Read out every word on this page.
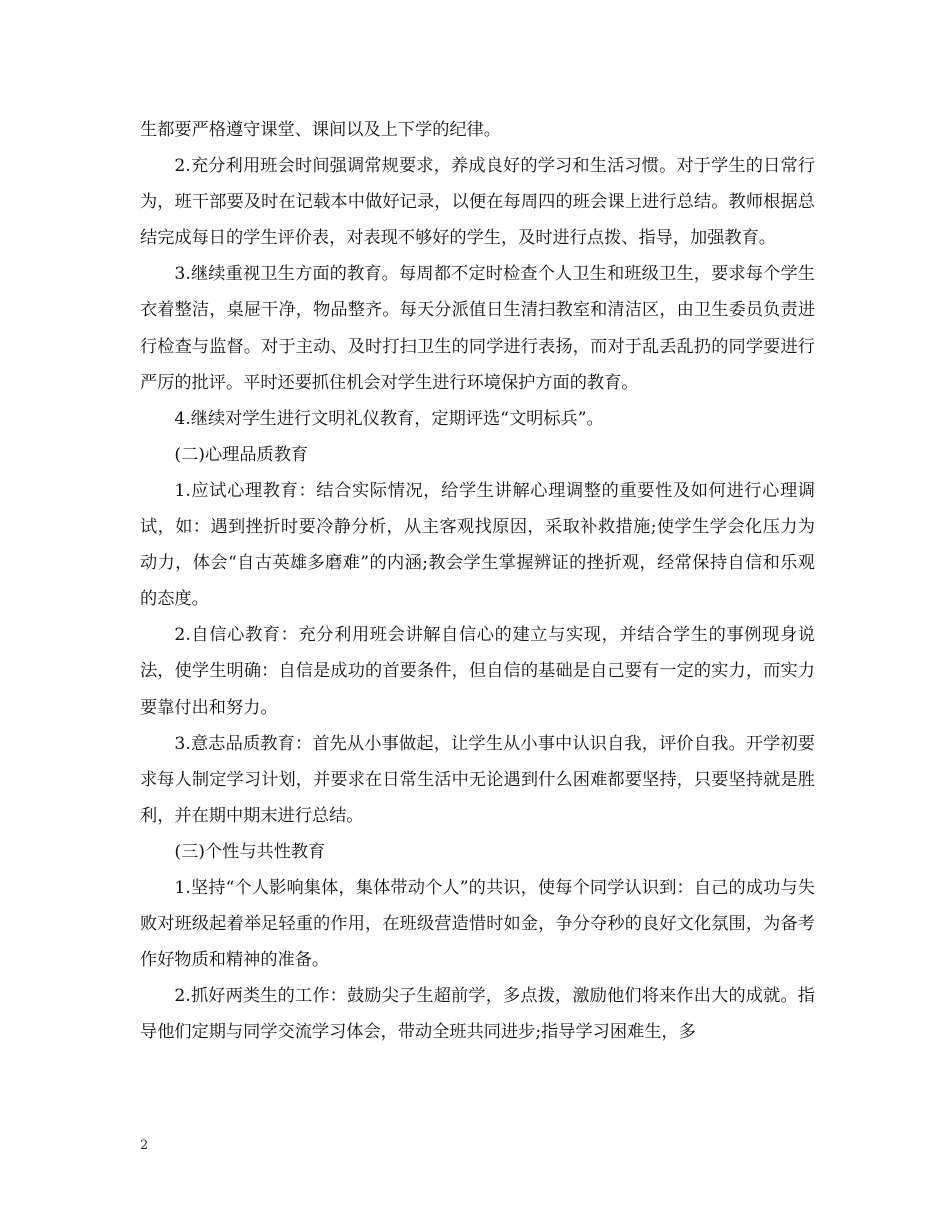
生都要严格遵守课堂、课间以及上下学的纪律。

2.充分利用班会时间强调常规要求，养成良好的学习和生活习惯。对于学生的日常行为，班干部要及时在记载本中做好记录，以便在每周四的班会课上进行总结。教师根据总结完成每日的学生评价表，对表现不够好的学生，及时进行点拨、指导，加强教育。

3.继续重视卫生方面的教育。每周都不定时检查个人卫生和班级卫生，要求每个学生衣着整洁，桌屉干净，物品整齐。每天分派值日生清扫教室和清洁区，由卫生委员负责进行检查与监督。对于主动、及时打扫卫生的同学进行表扬，而对于乱丢乱扔的同学要进行严厉的批评。平时还要抓住机会对学生进行环境保护方面的教育。

4.继续对学生进行文明礼仪教育，定期评选“文明标兵”。

(二)心理品质教育

1.应试心理教育：结合实际情况，给学生讲解心理调整的重要性及如何进行心理调试，如：遇到挫折时要冷静分析，从主客观找原因，采取补救措施;使学生学会化压力为动力，体会“自古英雄多磨难”的内涵;教会学生掌握辨证的挫折观，经常保持自信和乐观的态度。

2.自信心教育：充分利用班会讲解自信心的建立与实现，并结合学生的事例现身说法，使学生明确：自信是成功的首要条件，但自信的基础是自己要有一定的实力，而实力要靠付出和努力。

3.意志品质教育：首先从小事做起，让学生从小事中认识自我，评价自我。开学初要求每人制定学习计划，并要求在日常生活中无论遇到什么困难都要坚持，只要坚持就是胜利，并在期中期末进行总结。

(三)个性与共性教育

1.坚持“个人影响集体，集体带动个人”的共识，使每个同学认识到：自己的成功与失败对班级起着举足轻重的作用，在班级营造惜时如金，争分夺秒的良好文化氛围，为备考作好物质和精神的准备。

2.抓好两类生的工作：鼓励尖子生超前学，多点拨，激励他们将来作出大的成就。指导他们定期与同学交流学习体会，带动全班共同进步;指导学习困难生，多

2
